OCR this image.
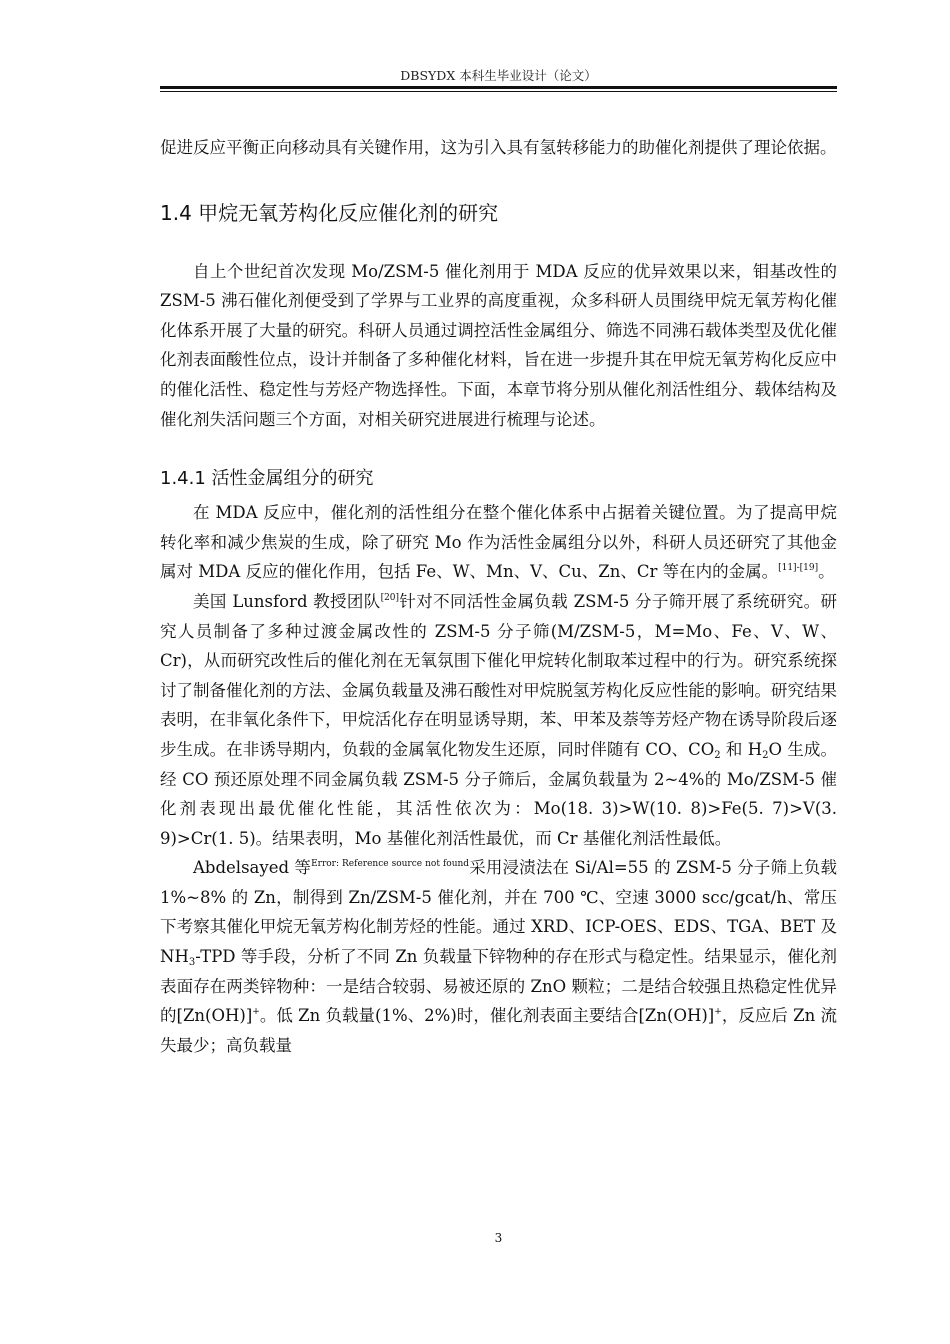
DBSYDX 本科生毕业设计（论文）

促进反应平衡正向移动具有关键作用，这为引入具有氢转移能力的助催化剂提供了理论依据。

1.4 甲烷无氧芳构化反应催化剂的研究

自上个世纪首次发现 Mo/ZSM-5 催化剂用于 MDA 反应的优异效果以来，钼基改性的 ZSM-5 沸石催化剂便受到了学界与工业界的高度重视，众多科研人员围绕甲烷无氧芳构化催化体系开展了大量的研究。科研人员通过调控活性金属组分、筛选不同沸石载体类型及优化催化剂表面酸性位点，设计并制备了多种催化材料，旨在进一步提升其在甲烷无氧芳构化反应中的催化活性、稳定性与芳烃产物选择性。下面，本章节将分别从催化剂活性组分、载体结构及催化剂失活问题三个方面，对相关研究进展进行梳理与论述。

1.4.1 活性金属组分的研究

在 MDA 反应中，催化剂的活性组分在整个催化体系中占据着关键位置。为了提高甲烷转化率和减少焦炭的生成，除了研究 Mo 作为活性金属组分以外，科研人员还研究了其他金属对 MDA 反应的催化作用，包括 Fe、W、Mn、V、Cu、Zn、Cr 等在内的金属。[11]-[19]。

美国 Lunsford 教授团队[20]针对不同活性金属负载 ZSM-5 分子筛开展了系统研究。研究人员制备了多种过渡金属改性的 ZSM-5 分子筛(M/ZSM-5，M=Mo、Fe、V、W、Cr)，从而研究改性后的催化剂在无氧氛围下催化甲烷转化制取苯过程中的行为。研究系统探讨了制备催化剂的方法、金属负载量及沸石酸性对甲烷脱氢芳构化反应性能的影响。研究结果表明，在非氧化条件下，甲烷活化存在明显诱导期，苯、甲苯及萘等芳烃产物在诱导阶段后逐步生成。在非诱导期内，负载的金属氧化物发生还原，同时伴随有 CO、$CO_2$ 和 $H_2O$ 生成。经 CO 预还原处理不同金属负载 ZSM-5 分子筛后，金属负载量为 2~4%的 Mo/ZSM-5 催化剂表现出最优催化性能，其活性依次为：Mo(18. 3)>W(10. 8)>Fe(5. 7)>V(3. 9)>Cr(1. 5)。结果表明，Mo 基催化剂活性最优，而 Cr 基催化剂活性最低。

Abdelsayed 等$^{Error: Reference source not found}$采用浸渍法在 Si/Al=55 的 ZSM-5 分子筛上负载 1%~8% 的 Zn，制得到 Zn/ZSM-5 催化剂，并在 700 ℃、空速 3000 scc/gcat/h、常压下考察其催化甲烷无氧芳构化制芳烃的性能。通过 XRD、ICP-OES、EDS、TGA、BET 及 $NH_3$-TPD 等手段，分析了不同 Zn 负载量下锌物种的存在形式与稳定性。结果显示，催化剂表面存在两类锌物种：一是结合较弱、易被还原的 ZnO 颗粒；二是结合较强且热稳定性优异的[Zn(OH)]+。低 Zn 负载量(1%、2%)时，催化剂表面主要结合[Zn(OH)]+，反应后 Zn 流失最少；高负载量

3
